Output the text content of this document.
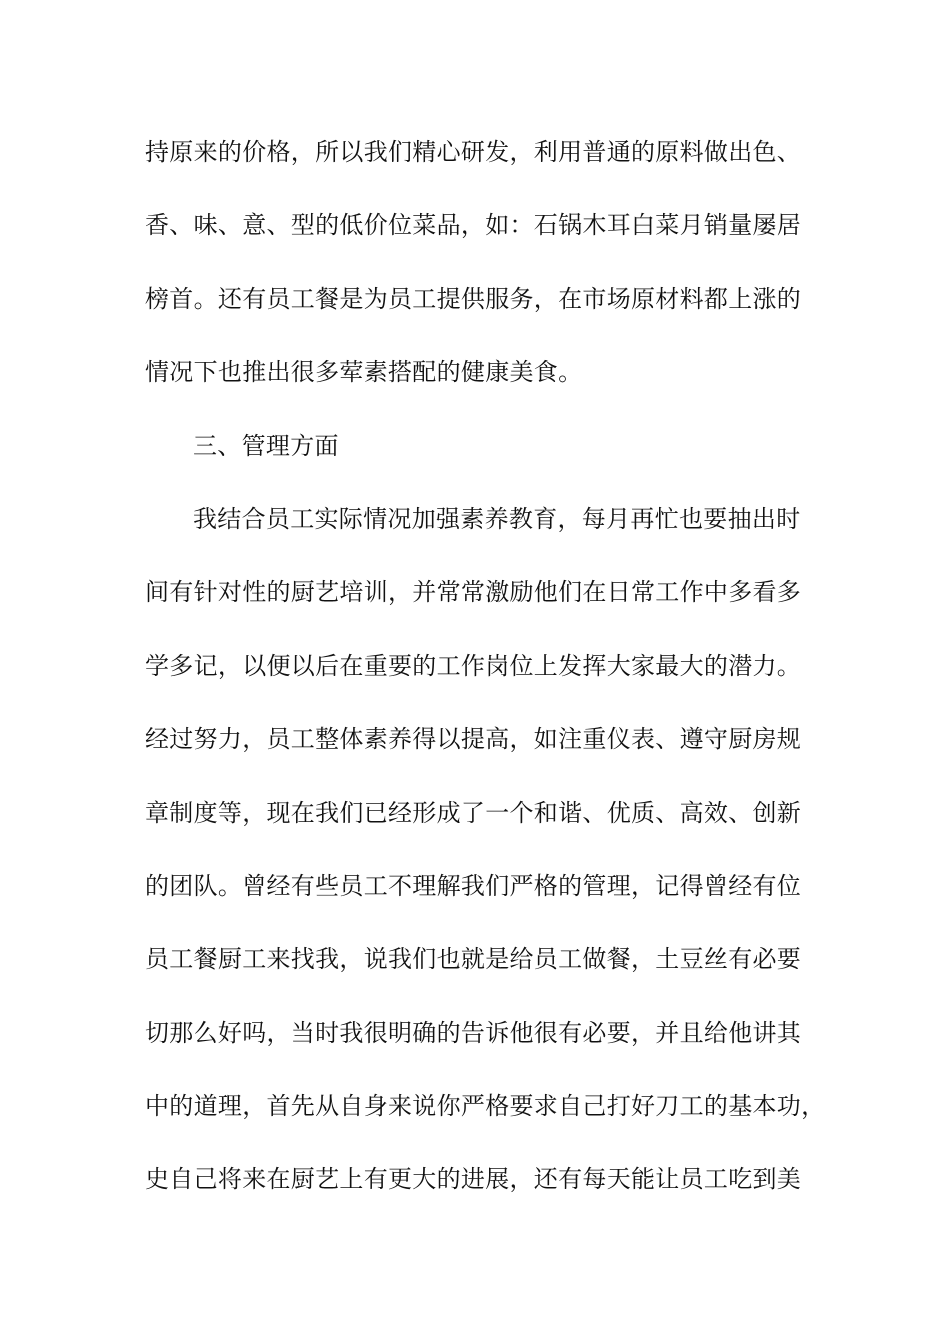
持原来的价格，所以我们精心研发，利用普通的原料做出色、
香、味、意、型的低价位菜品，如：石锅木耳白菜月销量屡居
榜首。还有员工餐是为员工提供服务，在市场原材料都上涨的
情况下也推出很多荤素搭配的健康美食。
三、管理方面
我结合员工实际情况加强素养教育，每月再忙也要抽出时
间有针对性的厨艺培训，并常常激励他们在日常工作中多看多
学多记，以便以后在重要的工作岗位上发挥大家最大的潜力。
经过努力，员工整体素养得以提高，如注重仪表、遵守厨房规
章制度等，现在我们已经形成了一个和谐、优质、高效、创新
的团队。曾经有些员工不理解我们严格的管理，记得曾经有位
员工餐厨工来找我，说我们也就是给员工做餐，土豆丝有必要
切那么好吗，当时我很明确的告诉他很有必要，并且给他讲其
中的道理，首先从自身来说你严格要求自己打好刀工的基本功，
史自己将来在厨艺上有更大的进展，还有每天能让员工吃到美
